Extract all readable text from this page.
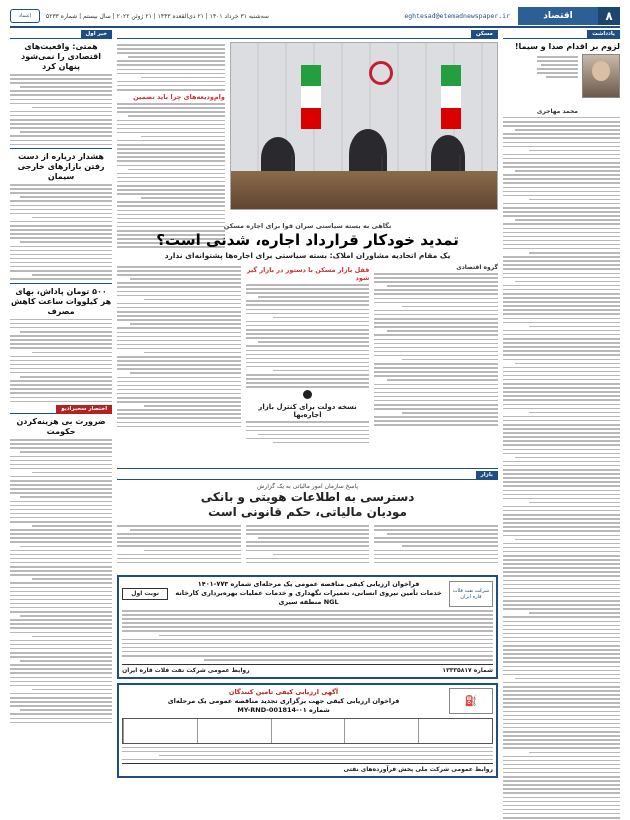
۸
اقتصاد
eghtesad@etemadnewspaper.ir
سه‌شنبه ۳۱ خرداد ۱۴۰۱ | ۲۱ ذی‌القعده ۱۴۴۳ | ۲۱ ژوئن ۲۰۲۲ | سال بیستم | شماره ۵۲۳۳
اعتماد
یادداشت
لزوم بر اقدام صدا و سیما!
محمد مهاجری
مسکن
وام‌ودیعه‌های چرا باید تضمین
نگاهی به بسته سیاستی سران قوا برای اجاره مسکن
تمدید خودکار قرارداد اجاره، شدنی است؟
یک مقام اتحادیه مشاوران املاک: بسته سیاستی برای اجاره‌ها پشتوانه‌ای ندارد
گروه اقتصادی
قفل بازار مسکن با دستور در بازار گیر شود
نسخه دولت برای کنترل بازار اجاره‌بها
بازار
پاسخ سازمان امور مالیاتی به یک گزارش
دسترسی به اطلاعات هویتی و بانکی
مودیان مالیاتی، حکم قانونی است
شرکت نفت فلات قاره ایران
فراخوان ارزیابی کیفی مناقصه عمومی یک مرحله‌ای شماره ۷۷۳-۱۴۰۱
خدمات تأمین نیروی انسانی، تعمیرات نگهداری و خدمات عملیات بهره‌برداری کارخانه NGL منطقه سیری
نوبت اول
شماره ۱۳۳۳۵۸۱۷
روابط عمومی شرکت نفت فلات قاره ایران
⛽
آگهی ارزیابی کیفی تامین کنندگان
فراخوان ارزیابی کیفی جهت برگزاری تجدید مناقصه عمومی یک مرحله‌ای
شماره ۰۱-MY-RND-001814
روابط عمومی شرکت ملی پخش فرآورده‌های نفتی
خبر اول
همتی: واقعیت‌های اقتصادی را نمی‌شود پنهان کرد
هشدار دریاره از دست رفتن بازارهای خارجی سیمان
۵۰۰ تومان پاداش، بهای هر کیلووات ساعت کاهش مصرف
اختصار سحبرادیو
ضرورت بی هزینه‌کردن حکومت
